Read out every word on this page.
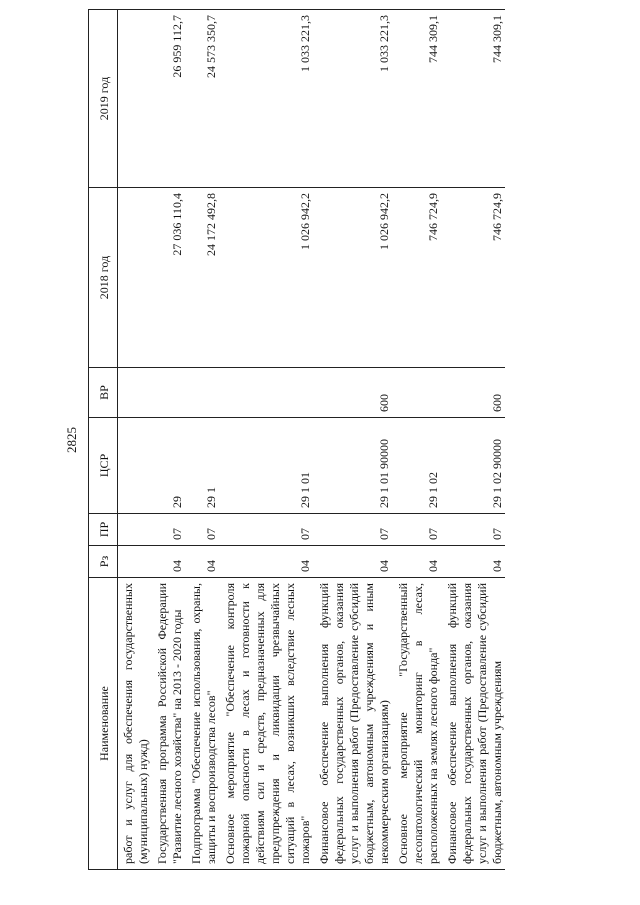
2825
Наименование	Рз	ПР	ЦСР	ВР	2018 год	2019 год
работ и услуг для обеспечения государственных (муниципальных) нужд)						
Государственная программа Российской Федерации "Развитие лесного хозяйства" на 2013 - 2020 годы	04	07	29		27 036 110,4	26 959 112,7
Подпрограмма "Обеспечение использования, охраны, защиты и воспроизводства лесов"	04	07	29 1		24 172 492,8	24 573 350,7
Основное мероприятие "Обеспечение контроля пожарной опасности в лесах и готовности к действиям сил и средств, предназначенных для предупреждения и ликвидации чрезвычайных ситуаций в лесах, возникших вследствие лесных пожаров"	04	07	29 1 01		1 026 942,2	1 033 221,3
Финансовое обеспечение выполнения функций федеральных государственных органов, оказания услуг и выполнения работ (Предоставление субсидий бюджетным, автономным учреждениям и иным некоммерческим организациям)	04	07	29 1 01 90000	600	1 026 942,2	1 033 221,3
Основное мероприятие "Государственный лесопатологический мониторинг в лесах, расположенных на землях лесного фонда"	04	07	29 1 02		746 724,9	744 309,1
Финансовое обеспечение выполнения функций федеральных государственных органов, оказания услуг и выполнения работ (Предоставление субсидий бюджетным, автономным учреждениям	04	07	29 1 02 90000	600	746 724,9	744 309,1
